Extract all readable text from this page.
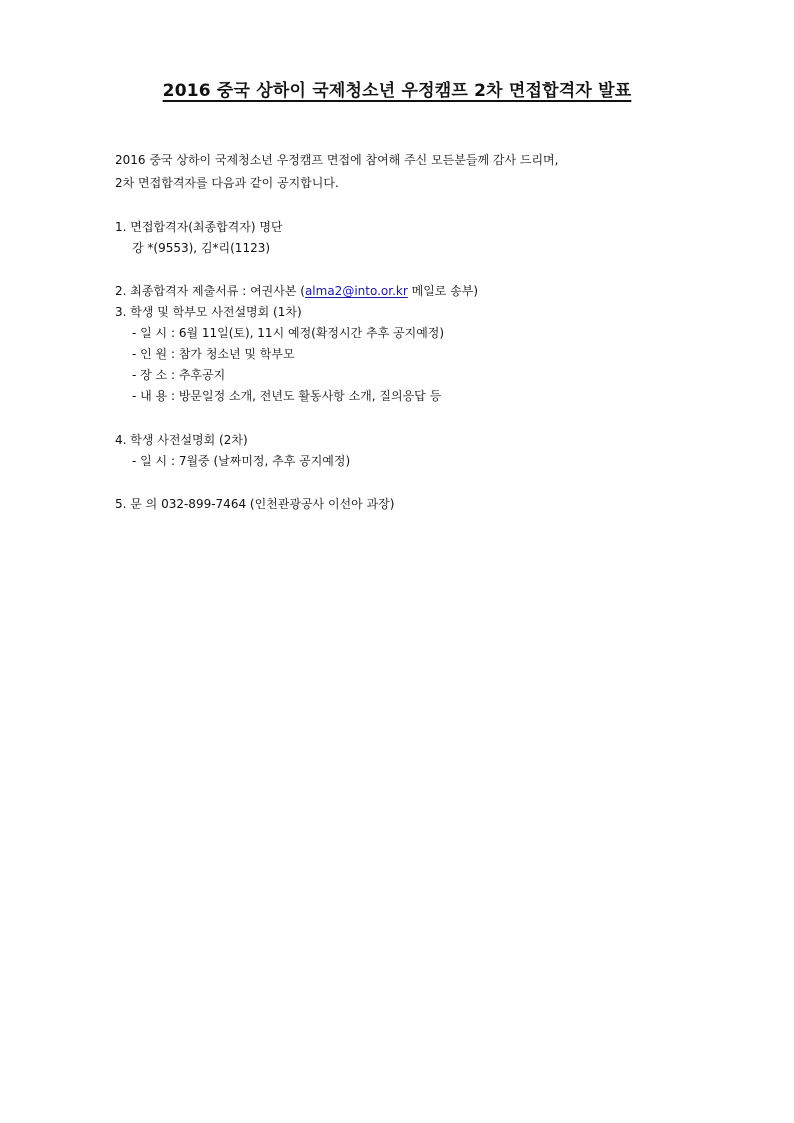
2016 중국 상하이 국제청소년 우정캠프 2차 면접합격자 발표
2016 중국 상하이 국제청소년 우정캠프 면접에 참여해 주신 모든분들께 감사 드리며,
2차 면접합격자를 다음과 같이 공지합니다.
1. 면접합격자(최종합격자) 명단
강 *(9553), 김*리(1123)
2. 최종합격자 제출서류 : 여권사본 (alma2@into.or.kr 메일로 송부)
3. 학생 및 학부모 사전설명회 (1차)
- 일 시 : 6월 11일(토), 11시 예정(확정시간 추후 공지예정)
- 인 원 : 참가 청소년 및 학부모
- 장 소 : 추후공지
- 내 용 : 방문일정 소개, 전년도 활동사항 소개, 질의응답 등
4. 학생 사전설명회 (2차)
- 일 시 : 7월중 (날짜미정, 추후 공지예정)
5. 문 의 032-899-7464 (인천관광공사 이선아 과장)
